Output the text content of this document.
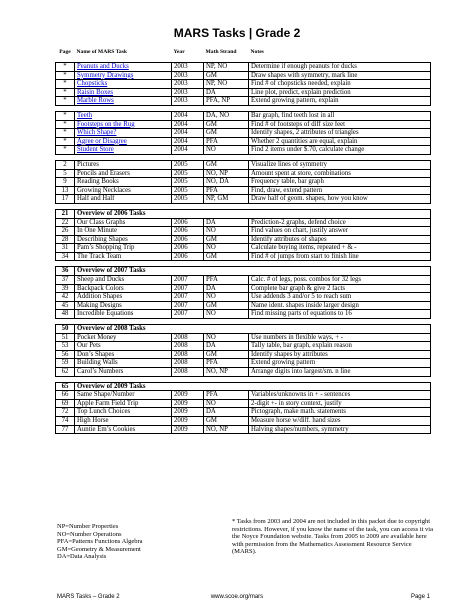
MARS Tasks | Grade 2
Page	Name of MARS Task	Year	Math Strand	Notes

*	Peanuts and Ducks	2003	NP, NO	Determine if enough peanuts for ducks
*	Symmetry Drawings	2003	GM	Draw shapes with symmetry, mark line
*	Chopsticks	2003	NP, NO	Find # of chopsticks needed, explain
*	Raisin Boxes	2003	DA	Line plot, predict, explain prediction
*	Marble Rows	2003	PFA, NP	Extend growing pattern, explain

*	Teeth	2004	DA, NO	Bar graph, find teeth lost in all
*	Footsteps on the Rug	2004	GM	Find # of footsteps of diff size feet
*	Which Shape?	2004	GM	Identify shapes, 2 attributes of triangles
*	Agree or Disagree	2004	PFA	Whether 2 quantities are equal, explain
*	Student Store	2004	NO	Find 2 items under $.70, calculate change

2	Pictures	2005	GM	Visualize lines of symmetry
5	Pencils and Erasers	2005	NO, NP	Amount spent at store, combinations
9	Reading Books	2005	NO, DA	Frequency table, bar graph
13	Growing Necklaces	2005	PFA	Find, draw, extend pattern
17	Half and Half	2005	NP, GM	Draw half of geom. shapes, how you know

21	Overview of 2006 Tasks			
22	Our Class Graphs	2006	DA	Prediction-2 graphs, defend choice
26	In One Minute	2006	NO	Find values on chart, justify answer
28	Describing Shapes	2006	GM	Identify attributes of shapes
31	Pam’s Shopping Trip	2006	NO	Calculate buying items, repeated + & -
34	The Track Team	2006	GM	Find # of jumps from start to finish line

36	Overview of 2007 Tasks			
37	Sheep and Ducks	2007	PFA	Calc. # of legs, poss. combos for 32 legs
39	Backpack Colors	2007	DA	Complete bar graph & give 2 facts
42	Addition Shapes	2007	NO	Use addends 3 and/or 5 to reach sum
45	Making Designs	2007	GM	Name ident. shapes inside larger design
48	Incredible Equations	2007	NO	Find missing parts of equations to 16

50	Overview of 2008 Tasks			
51	Pocket Money	2008	NO	Use numbers in flexible ways, + -
53	Our Pets	2008	DA	Tally table, bar graph, explain reason
56	Don’s Shapes	2008	GM	Identify shapes by attributes
59	Building Walls	2008	PFA	Extend growing pattern
62	Carol’s Numbers	2008	NO, NP	Arrange digits into largest/sm. n line

65	Overview of 2009 Tasks			
66	Same Shape/Number	2009	PFA	Variables/unknowns in + - sentences
69	Apple Farm Field Trip	2009	NO	2-digit +- in story context, justify
72	Top Lunch Choices	2009	DA	Pictograph, make math. statements
74	High Horse	2009	GM	Measure horse w/diff. hand sizes
77	Auntie Em’s Cookies	2009	NO, NP	Halving shapes/numbers, symmetry
NP=Number Properties
NO=Number Operations
PFA=Patterns Functions Algebra
GM=Geometry & Measurement
DA=Data Analysis
* Tasks from 2003 and 2004 are not included in this packet due to copyright restrictions. However, if you know the name of the task, you can access it via the Noyce Foundation website. Tasks from 2005 to 2009 are available here with permission from the Mathematics Assessment Resource Service (MARS).
MARS Tasks – Grade 2	www.scoe.org/mars	Page 1
